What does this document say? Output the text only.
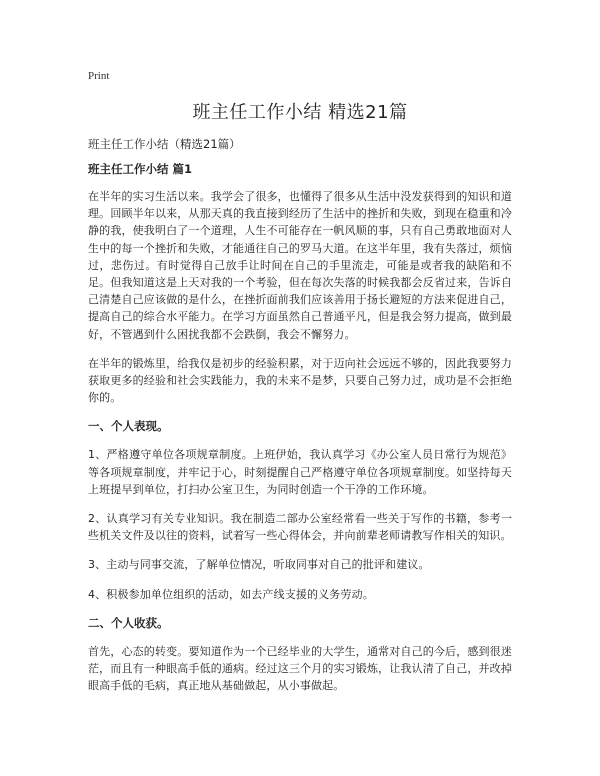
Print
班主任工作小结 精选21篇
班主任工作小结（精选21篇）
班主任工作小结 篇1

在半年的实习生活以来。我学会了很多，也懂得了很多从生活中没发获得到的知识和道理。回顾半年以来，从那天真的我直接到经历了生活中的挫折和失败，到现在稳重和冷静的我，使我明白了一个道理，人生不可能存在一帆风顺的事，只有自己勇敢地面对人生中的每一个挫折和失败，才能通往自己的罗马大道。在这半年里，我有失落过，烦恼过，悲伤过。有时觉得自己放手让时间在自己的手里流走，可能是或者我的缺陷和不足。但我知道这是上天对我的一个考验，但在每次失落的时候我都会反省过来，告诉自己清楚自己应该做的是什么，在挫折面前我们应该善用于扬长避短的方法来促进自己，提高自己的综合水平能力。在学习方面虽然自己普通平凡，但是我会努力提高，做到最好，不管遇到什么困扰我都不会跌倒，我会不懈努力。

在半年的锻炼里，给我仅是初步的经验积累，对于迈向社会远远不够的，因此我要努力获取更多的经验和社会实践能力，我的未来不是梦，只要自己努力过，成功是不会拒绝你的。

一、个人表现。

1、严格遵守单位各项规章制度。上班伊始，我认真学习《办公室人员日常行为规范》等各项规章制度，并牢记于心，时刻提醒自己严格遵守单位各项规章制度。如坚持每天上班提早到单位，打扫办公室卫生，为同时创造一个干净的工作环境。

2、认真学习有关专业知识。我在制造二部办公室经常看一些关于写作的书籍，参考一些机关文件及以往的资料，试着写一些心得体会，并向前辈老师请教写作相关的知识。

3、主动与同事交流，了解单位情况，听取同事对自己的批评和建议。

4、积极参加单位组织的活动，如去产线支援的义务劳动。

二、个人收获。

首先，心态的转变。要知道作为一个已经毕业的大学生，通常对自己的今后，感到很迷茫，而且有一种眼高手低的通病。经过这三个月的实习锻炼，让我认清了自己，并改掉眼高手低的毛病，真正地从基础做起，从小事做起。
